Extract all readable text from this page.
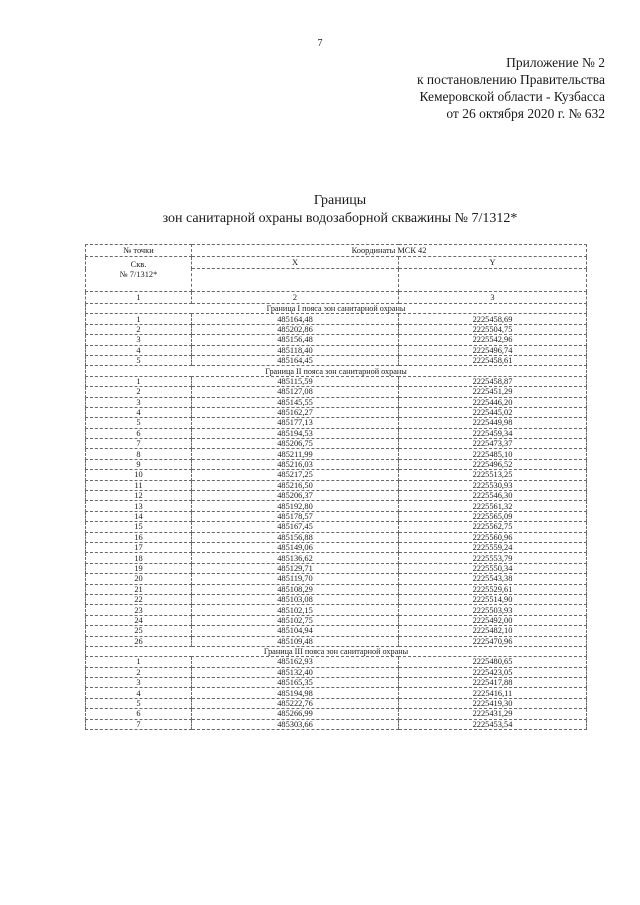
7
Приложение № 2
к постановлению Правительства
Кемеровской области - Кузбасса
от 26 октября 2020 г. № 632
Границы
зон санитарной охраны водозаборной скважины № 7/1312*
№ точки	Координаты МСК 42	

Скв.
№ 7/1312*	X	Y

1	2	3
Граница I пояса зон санитарной охраны		
1	485164,48	2225458,69
2	485202,86	2225504,75
3	485156,48	2225542,96
4	485118,40	2225496,74
5	485164,45	2225458,61
Граница II пояса зон санитарной охраны		
1	485115,59	2225458,87
2	485127,08	2225451,29
3	485145,55	2225446,20
4	485162,27	2225445,02
5	485177,13	2225449,98
6	485194,53	2225459,34
7	485206,75	2225473,37
8	485211,99	2225485,10
9	485216,03	2225496,52
10	485217,25	2225513,25
11	485216,50	2225530,93
12	485206,37	2225546,30
13	485192,80	2225561,32
14	485178,57	2225565,09
15	485167,45	2225562,75
16	485156,88	2225560,96
17	485149,06	2225559,24
18	485136,62	2225553,79
19	485129,71	2225550,34
20	485119,70	2225543,38
21	485108,29	2225529,61
22	485103,08	2225514,90
23	485102,15	2225503,93
24	485102,75	2225492,00
25	485104,94	2225482,10
26	485109,48	2225470,96
Граница III пояса зон санитарной охраны		
1	485162,93	2225480,65
2	485132,40	2225423,05
3	485165,35	2225417,88
4	485194,98	2225416,11
5	485222,76	2225419,30
6	485266,99	2225431,29
7	485303,66	2225453,54
